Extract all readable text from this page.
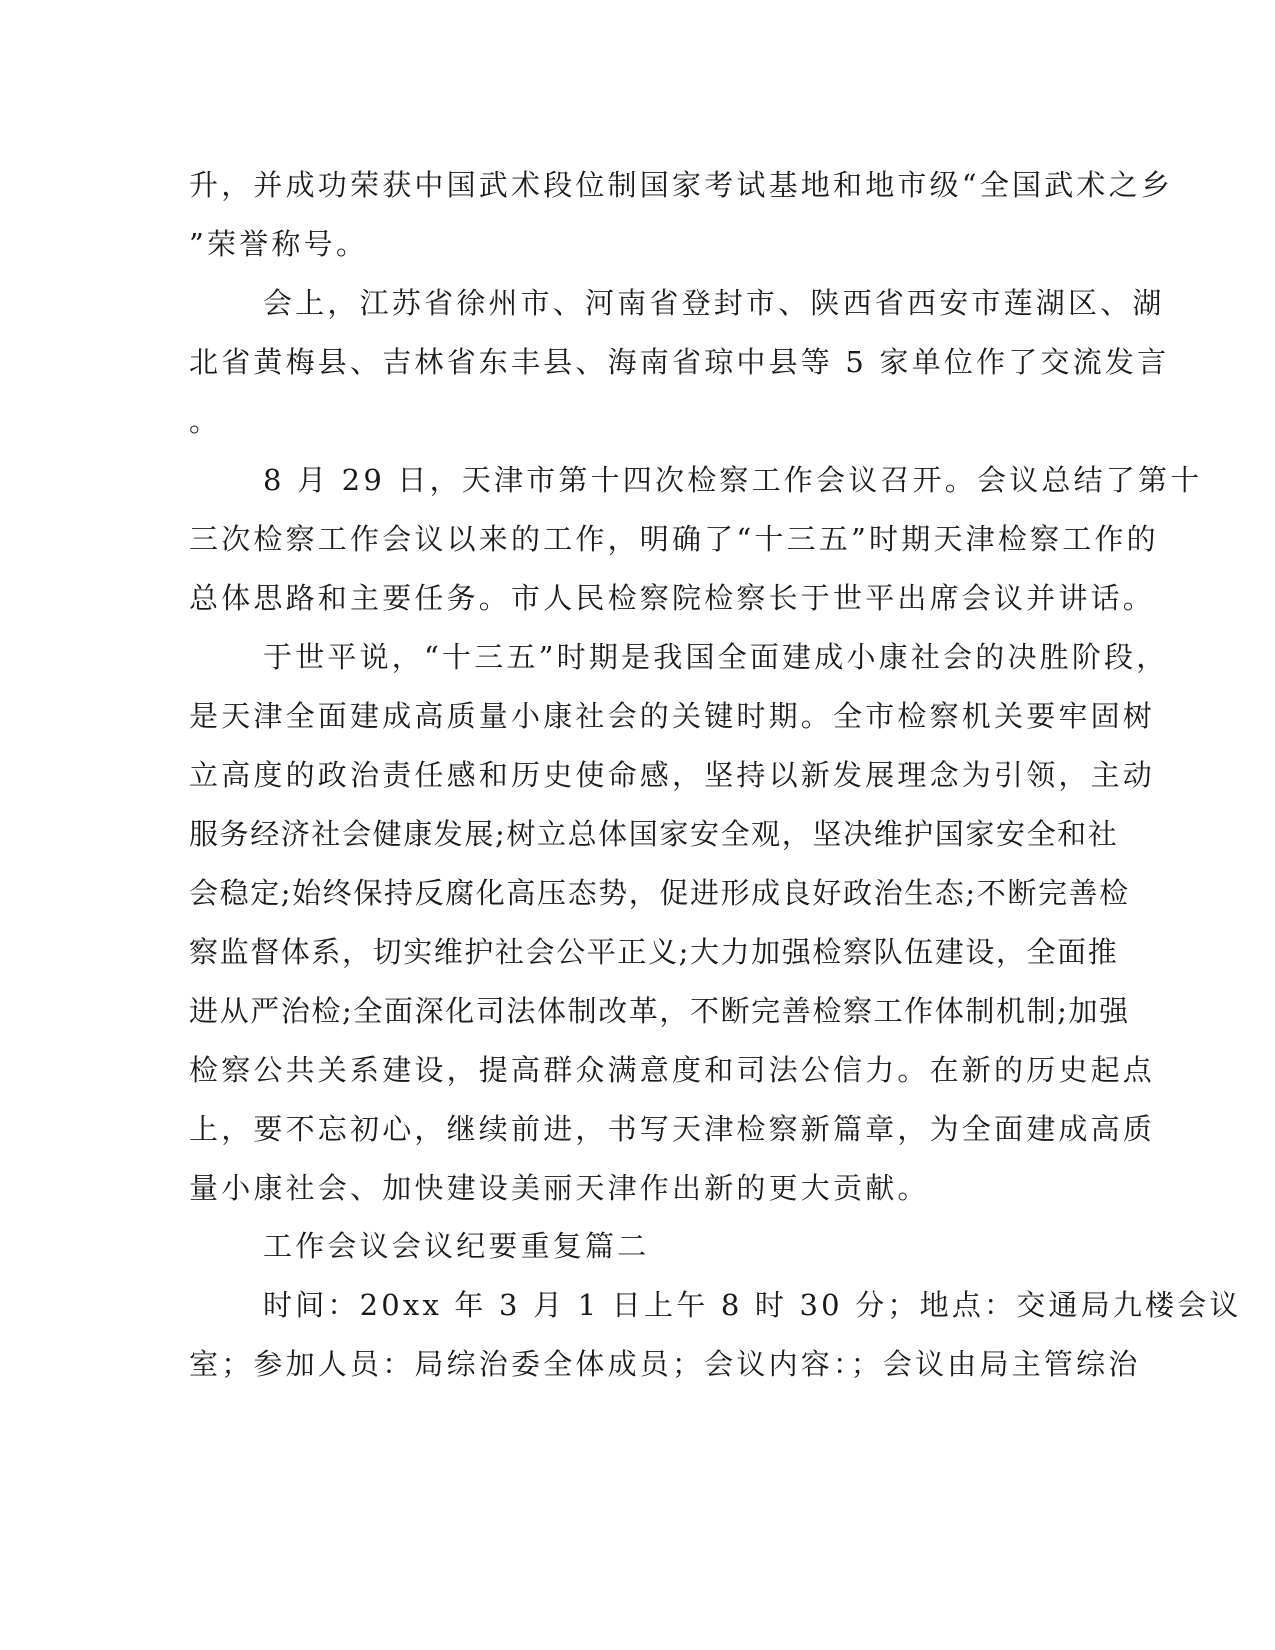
升，并成功荣获中国武术段位制国家考试基地和地市级“全国武术之乡
”荣誉称号。
会上，江苏省徐州市、河南省登封市、陕西省西安市莲湖区、湖
北省黄梅县、吉林省东丰县、海南省琼中县等 5 家单位作了交流发言
。
8 月 29 日，天津市第十四次检察工作会议召开。会议总结了第十
三次检察工作会议以来的工作，明确了“十三五”时期天津检察工作的
总体思路和主要任务。市人民检察院检察长于世平出席会议并讲话。
于世平说，“十三五”时期是我国全面建成小康社会的决胜阶段，
是天津全面建成高质量小康社会的关键时期。全市检察机关要牢固树
立高度的政治责任感和历史使命感，坚持以新发展理念为引领，主动
服务经济社会健康发展;树立总体国家安全观，坚决维护国家安全和社
会稳定;始终保持反腐化高压态势，促进形成良好政治生态;不断完善检
察监督体系，切实维护社会公平正义;大力加强检察队伍建设，全面推
进从严治检;全面深化司法体制改革，不断完善检察工作体制机制;加强
检察公共关系建设，提高群众满意度和司法公信力。在新的历史起点
上，要不忘初心，继续前进，书写天津检察新篇章，为全面建成高质
量小康社会、加快建设美丽天津作出新的更大贡献。
工作会议会议纪要重复篇二
时间：20xx 年 3 月 1 日上午 8 时 30 分；地点：交通局九楼会议
室；参加人员：局综治委全体成员；会议内容：；会议由局主管综治
